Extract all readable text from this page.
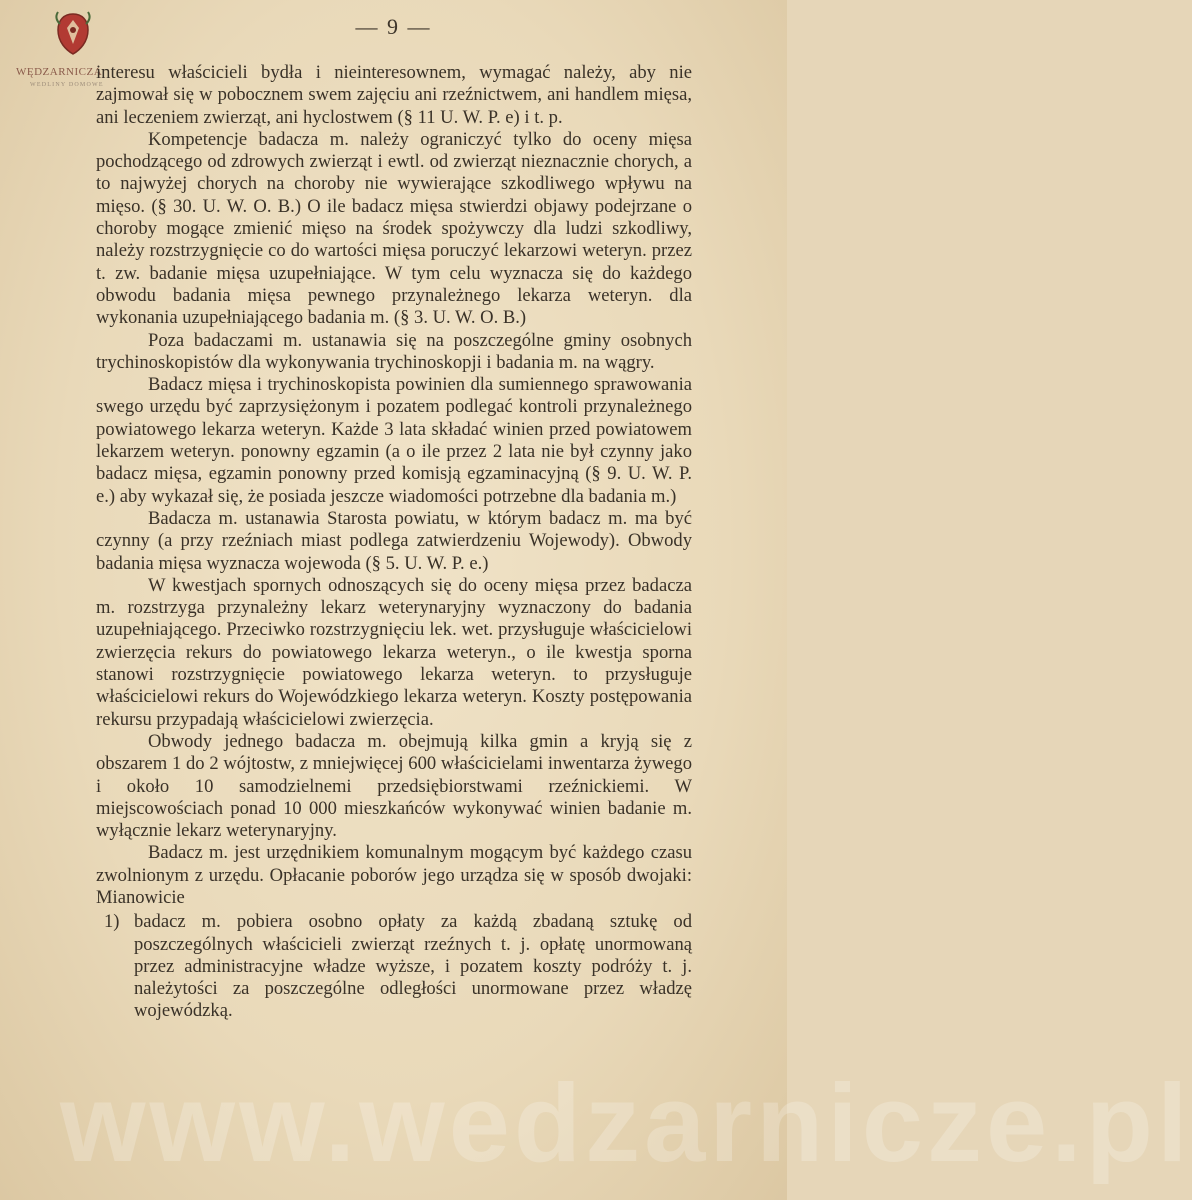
WĘDZARNICZA
WEDLINY DOMOWE
— 9 —

interesu właścicieli bydła i nieinteresownem, wymagać należy, aby nie zajmował się w pobocznem swem zajęciu ani rzeźnictwem, ani handlem mięsa, ani leczeniem zwierząt, ani hyclostwem (§ 11 U. W. P. e) i t. p.

Kompetencje badacza m. należy ograniczyć tylko do oceny mięsa pochodzącego od zdrowych zwierząt i ewtl. od zwierząt nieznacznie chorych, a to najwyżej chorych na choroby nie wywierające szkodliwego wpływu na mięso. (§ 30. U. W. O. B.) O ile badacz mięsa stwierdzi objawy podejrzane o choroby mogące zmienić mięso na środek spożywczy dla ludzi szkodliwy, należy rozstrzygnięcie co do wartości mięsa poruczyć lekarzowi weteryn. przez t. zw. badanie mięsa uzupełniające. W tym celu wyznacza się do każdego obwodu badania mięsa pewnego przynależnego lekarza weteryn. dla wykonania uzupełniającego badania m. (§ 3. U. W. O. B.)

Poza badaczami m. ustanawia się na poszczególne gminy osobnych trychinoskopistów dla wykonywania trychinoskopji i badania m. na wągry.

Badacz mięsa i trychinoskopista powinien dla sumiennego sprawowania swego urzędu być zaprzysiężonym i pozatem podlegać kontroli przynależnego powiatowego lekarza weteryn. Każde 3 lata składać winien przed powiatowem lekarzem weteryn. ponowny egzamin (a o ile przez 2 lata nie był czynny jako badacz mięsa, egzamin ponowny przed komisją egzaminacyjną (§ 9. U. W. P. e.) aby wykazał się, że posiada jeszcze wiadomości potrzebne dla badania m.)

Badacza m. ustanawia Starosta powiatu, w którym badacz m. ma być czynny (a przy rzeźniach miast podlega zatwierdzeniu Wojewody). Obwody badania mięsa wyznacza wojewoda (§ 5. U. W. P. e.)

W kwestjach spornych odnoszących się do oceny mięsa przez badacza m. rozstrzyga przynależny lekarz weterynaryjny wyznaczony do badania uzupełniającego. Przeciwko rozstrzygnięciu lek. wet. przysługuje właścicielowi zwierzęcia rekurs do powiatowego lekarza weteryn., o ile kwestja sporna stanowi rozstrzygnięcie powiatowego lekarza weteryn. to przysługuje właścicielowi rekurs do Wojewódzkiego lekarza weteryn. Koszty postępowania rekursu przypadają właścicielowi zwierzęcia.

Obwody jednego badacza m. obejmują kilka gmin a kryją się z obszarem 1 do 2 wójtostw, z mniejwięcej 600 właścicielami inwentarza żywego i około 10 samodzielnemi przedsiębiorstwami rzeźnickiemi. W miejscowościach ponad 10 000 mieszkańców wykonywać winien badanie m. wyłącznie lekarz weterynaryjny.

Badacz m. jest urzędnikiem komunalnym mogącym być każdego czasu zwolnionym z urzędu. Opłacanie poborów jego urządza się w sposób dwojaki: Mianowicie

1) badacz m. pobiera osobno opłaty za każdą zbadaną sztukę od poszczególnych właścicieli zwierząt rzeźnych t. j. opłatę unormowaną przez administracyjne władze wyższe, i pozatem koszty podróży t. j. należytości za poszczególne odległości unormowane przez władzę wojewódzką.
www.wedzarnicze.pl
